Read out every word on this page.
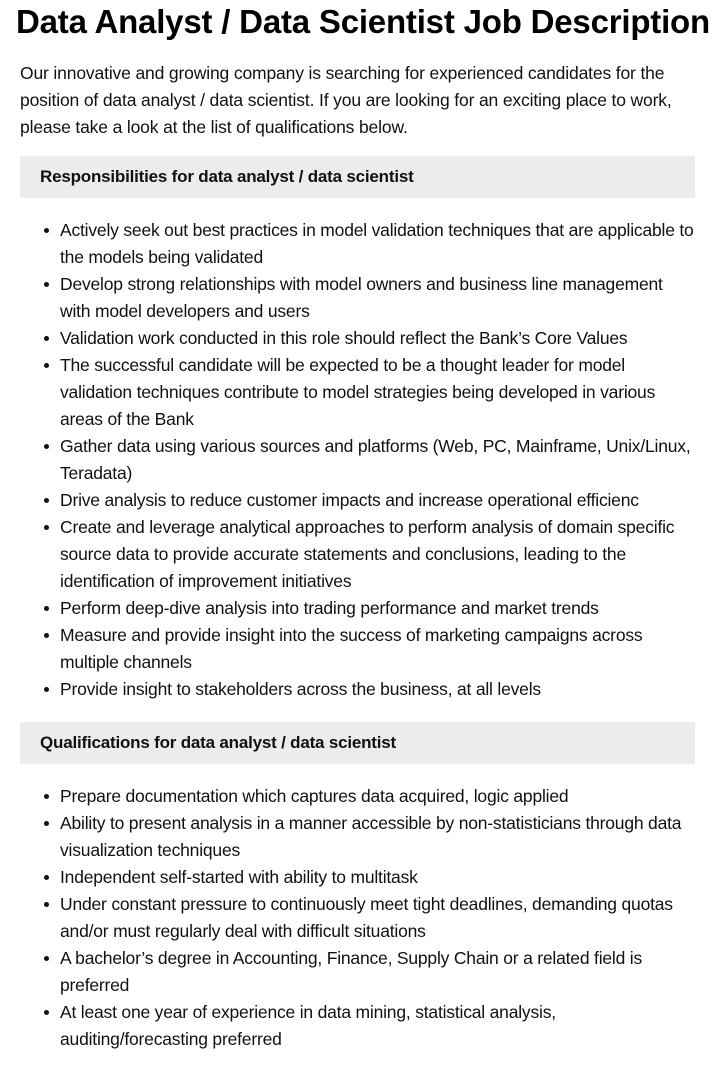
Data Analyst / Data Scientist Job Description

Our innovative and growing company is searching for experienced candidates for the position of data analyst / data scientist. If you are looking for an exciting place to work, please take a look at the list of qualifications below.

Responsibilities for data analyst / data scientist
Actively seek out best practices in model validation techniques that are applicable to the models being validated
Develop strong relationships with model owners and business line management with model developers and users
Validation work conducted in this role should reflect the Bank’s Core Values
The successful candidate will be expected to be a thought leader for model validation techniques contribute to model strategies being developed in various areas of the Bank
Gather data using various sources and platforms (Web, PC, Mainframe, Unix/Linux, Teradata)
Drive analysis to reduce customer impacts and increase operational efficienc
Create and leverage analytical approaches to perform analysis of domain specific source data to provide accurate statements and conclusions, leading to the identification of improvement initiatives
Perform deep-dive analysis into trading performance and market trends
Measure and provide insight into the success of marketing campaigns across multiple channels
Provide insight to stakeholders across the business, at all levels
Qualifications for data analyst / data scientist
Prepare documentation which captures data acquired, logic applied
Ability to present analysis in a manner accessible by non-statisticians through data visualization techniques
Independent self-started with ability to multitask
Under constant pressure to continuously meet tight deadlines, demanding quotas and/or must regularly deal with difficult situations
A bachelor’s degree in Accounting, Finance, Supply Chain or a related field is preferred
At least one year of experience in data mining, statistical analysis, auditing/forecasting preferred
